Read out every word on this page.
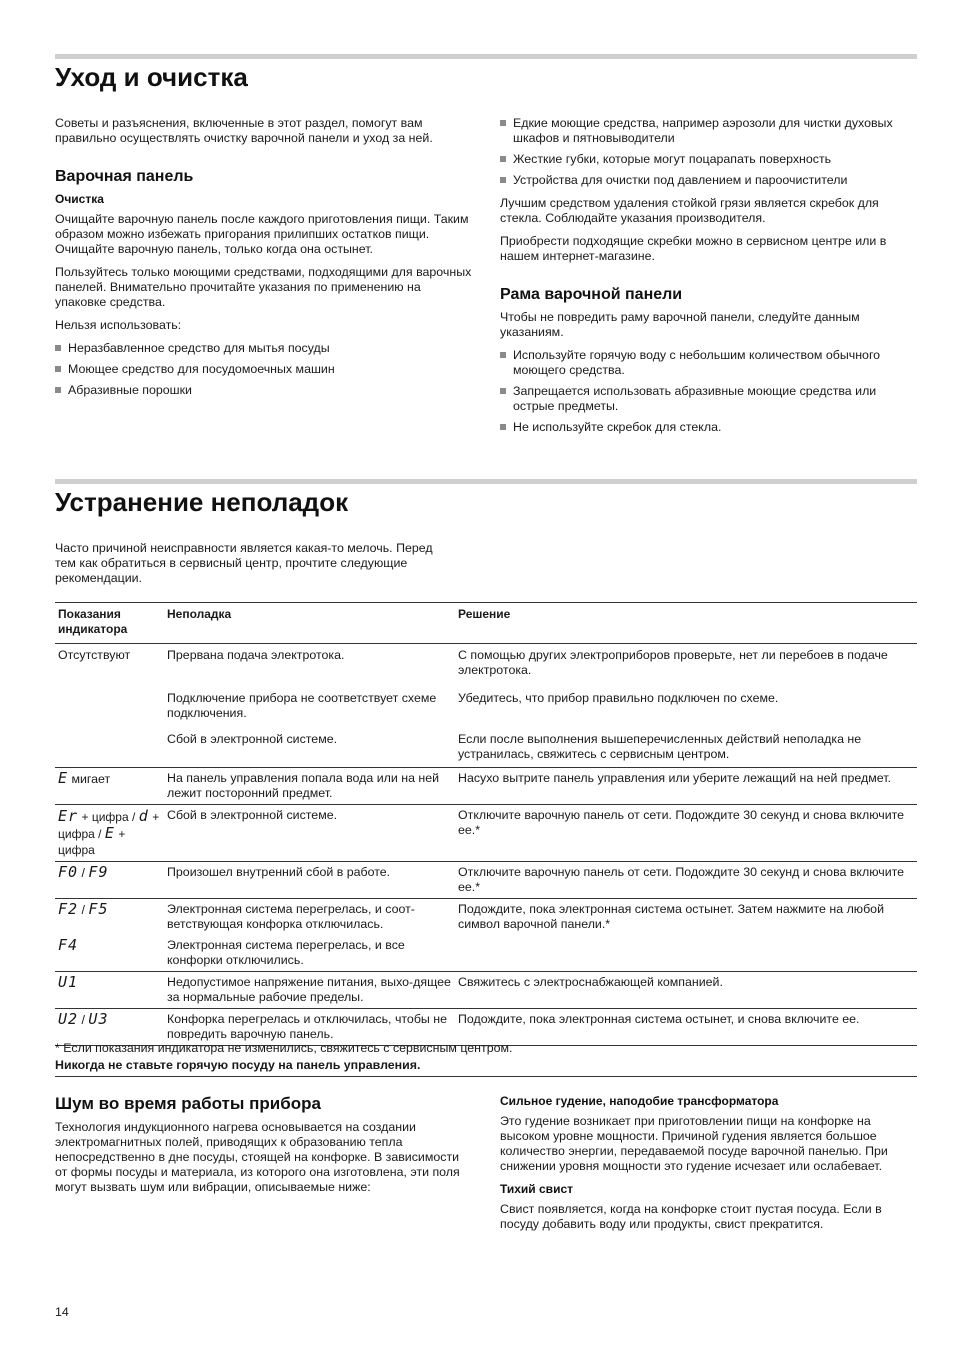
Уход и очистка

Советы и разъяснения, включенные в этот раздел, помогут вам правильно осуществлять очистку варочной панели и уход за ней.

Варочная панель
Очистка

Очищайте варочную панель после каждого приготовления пищи. Таким образом можно избежать пригорания прилипших остатков пищи. Очищайте варочную панель, только когда она остынет.

Пользуйтесь только моющими средствами, подходящими для варочных панелей. Внимательно прочитайте указания по применению на упаковке средства.

Нельзя использовать:

Неразбавленное средство для мытья посуды
Моющее средство для посудомоечных машин
Абразивные порошки
Едкие моющие средства, например аэрозоли для чистки духовых шкафов и пятновыводители
Жесткие губки, которые могут поцарапать поверхность
Устройства для очистки под давлением и пароочистители

Лучшим средством удаления стойкой грязи является скребок для стекла. Соблюдайте указания производителя.

Приобрести подходящие скребки можно в сервисном центре или в нашем интернет-магазине.

Рама варочной панели

Чтобы не повредить раму варочной панели, следуйте данным указаниям.

Используйте горячую воду с небольшим количеством обычного моющего средства.
Запрещается использовать абразивные моющие средства или острые предметы.
Не используйте скребок для стекла.
Устранение неполадок

Часто причиной неисправности является какая-то мелочь. Перед тем как обратиться в сервисный центр, прочтите следующие рекомендации.

Показания индикатора	Неполадка	Решение
Отсутствуют	Прервана подача электротока.	С помощью других электроприборов проверьте, нет ли перебоев в подаче электротока.
	Подключение прибора не соответствует схеме подключения.	Убедитесь, что прибор правильно подключен по схеме.
	Сбой в электронной системе.	Если после выполнения вышеперечисленных действий неполадка не устранилась, свяжитесь с сервисным центром.
E мигает	На панель управления попала вода или на ней лежит посторонний предмет.	Насухо вытрите панель управления или уберите лежащий на ней предмет.
Er + цифра / d + цифра / E + цифра	Сбой в электронной системе.	Отключите варочную панель от сети. Подождите 30 секунд и снова включите ее.*
F0 / F9	Произошел внутренний сбой в работе.	Отключите варочную панель от сети. Подождите 30 секунд и снова включите ее.*
F2 / F5	Электронная система перегрелась, и соот-ветствующая конфорка отключилась.	Подождите, пока электронная система остынет. Затем нажмите на любой символ варочной панели.*
F4	Электронная система перегрелась, и все конфорки отключились.	
U1	Недопустимое напряжение питания, выхо-дящее за нормальные рабочие пределы.	Свяжитесь с электроснабжающей компанией.
U2 / U3	Конфорка перегрелась и отключилась, чтобы не повредить варочную панель.	Подождите, пока электронная система остынет, и снова включите ее.
* Если показания индикатора не изменились, свяжитесь с сервисным центром.
Никогда не ставьте горячую посуду на панель управления.
Шум во время работы прибора

Технология индукционного нагрева основывается на создании электромагнитных полей, приводящих к образованию тепла непосредственно в дне посуды, стоящей на конфорке. В зависимости от формы посуды и материала, из которого она изготовлена, эти поля могут вызвать шум или вибрации, описываемые ниже:

Сильное гудение, наподобие трансформатора

Это гудение возникает при приготовлении пищи на конфорке на высоком уровне мощности. Причиной гудения является большое количество энергии, передаваемой посуде варочной панелью. При снижении уровня мощности это гудение исчезает или ослабевает.

Тихий свист

Свист появляется, когда на конфорке стоит пустая посуда. Если в посуду добавить воду или продукты, свист прекратится.

14
